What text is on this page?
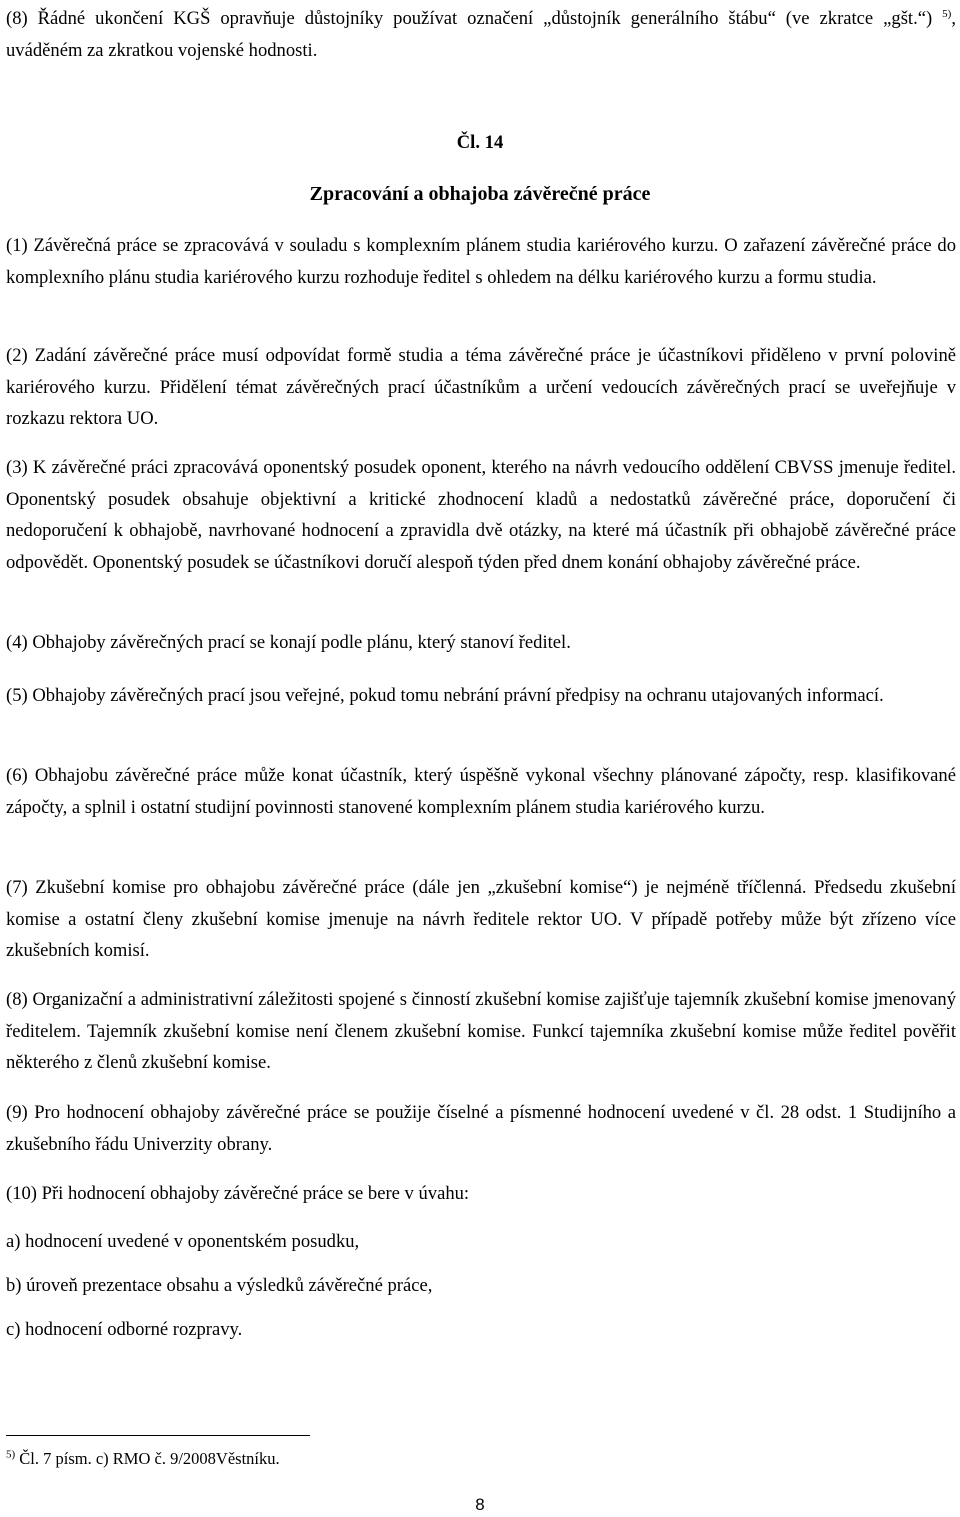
(8) Řádné ukončení KGŠ opravňuje důstojníky používat označení „důstojník generálního štábu“ (ve zkratce „gšt.“) $^{5)}$, uváděném za zkratkou vojenské hodnosti.
Čl. 14
Zpracování a obhajoba závěrečné práce
(1) Závěrečná práce se zpracovává v souladu s komplexním plánem studia kariérového kurzu. O zařazení závěrečné práce do komplexního plánu studia kariérového kurzu rozhoduje ředitel s ohledem na délku kariérového kurzu a formu studia.
(2) Zadání závěrečné práce musí odpovídat formě studia a téma závěrečné práce je účastníkovi přiděleno v první polovině kariérového kurzu. Přidělení témat závěrečných prací účastníkům a určení vedoucích závěrečných prací se uveřejňuje v rozkazu rektora UO.
(3) K závěrečné práci zpracovává oponentský posudek oponent, kterého na návrh vedoucího oddělení CBVSS jmenuje ředitel. Oponentský posudek obsahuje objektivní a kritické zhodnocení kladů a nedostatků závěrečné práce, doporučení či nedoporučení k obhajobě, navrhované hodnocení a zpravidla dvě otázky, na které má účastník při obhajobě závěrečné práce odpovědět. Oponentský posudek se účastníkovi doručí alespoň týden před dnem konání obhajoby závěrečné práce.
(4) Obhajoby závěrečných prací se konají podle plánu, který stanoví ředitel.
(5) Obhajoby závěrečných prací jsou veřejné, pokud tomu nebrání právní předpisy na ochranu utajovaných informací.
(6) Obhajobu závěrečné práce může konat účastník, který úspěšně vykonal všechny plánované zápočty, resp. klasifikované zápočty, a splnil i ostatní studijní povinnosti stanovené komplexním plánem studia kariérového kurzu.
(7) Zkušební komise pro obhajobu závěrečné práce (dále jen „zkušební komise“) je nejméně tříčlenná. Předsedu zkušební komise a ostatní členy zkušební komise jmenuje na návrh ředitele rektor UO. V případě potřeby může být zřízeno více zkušebních komisí.
(8) Organizační a administrativní záležitosti spojené s činností zkušební komise zajišťuje tajemník zkušební komise jmenovaný ředitelem. Tajemník zkušební komise není členem zkušební komise. Funkcí tajemníka zkušební komise může ředitel pověřit některého z členů zkušební komise.
(9) Pro hodnocení obhajoby závěrečné práce se použije číselné a písmenné hodnocení uvedené v čl. 28 odst. 1 Studijního a zkušebního řádu Univerzity obrany.
(10) Při hodnocení obhajoby závěrečné práce se bere v úvahu:
a) hodnocení uvedené v oponentském posudku,
b) úroveň prezentace obsahu a výsledků závěrečné práce,
c) hodnocení odborné rozpravy.
$^{5)}$ Čl. 7 písm. c) RMO č. 9/2008Věstníku.
8
